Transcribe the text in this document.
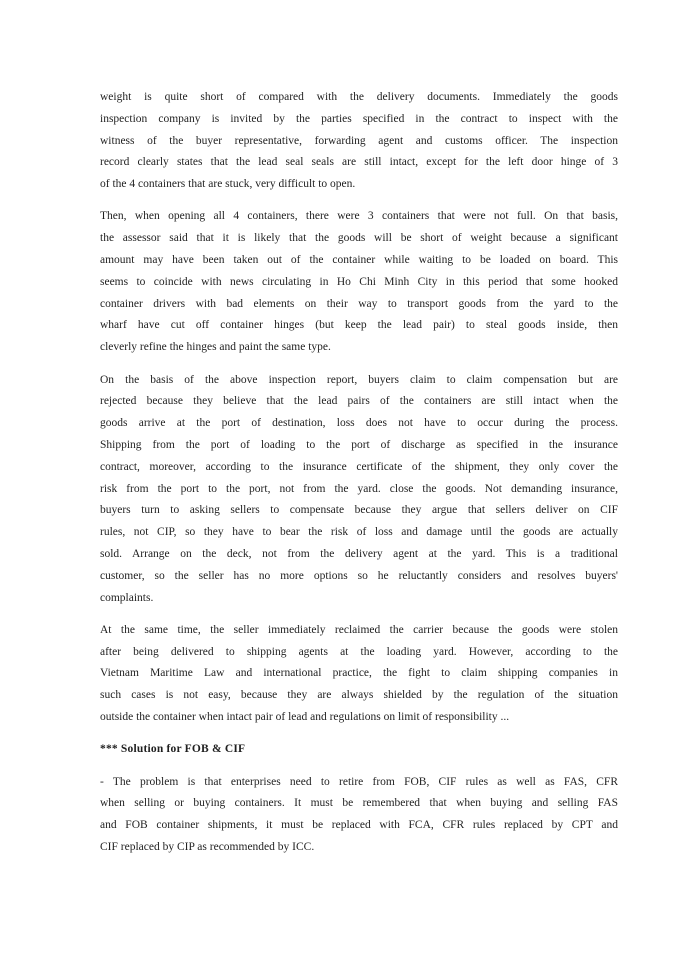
weight is quite short of compared with the delivery documents. Immediately the goods
inspection company is invited by the parties specified in the contract to inspect with the
witness of the buyer representative, forwarding agent and customs officer. The inspection
record clearly states that the lead seal seals are still intact, except for the left door hinge of 3
of the 4 containers that are stuck, very difficult to open.
Then, when opening all 4 containers, there were 3 containers that were not full. On that basis,
the assessor said that it is likely that the goods will be short of weight because a significant
amount may have been taken out of the container while waiting to be loaded on board. This
seems to coincide with news circulating in Ho Chi Minh City in this period that some hooked
container drivers with bad elements on their way to transport goods from the yard to the
wharf have cut off container hinges (but keep the lead pair) to steal goods inside, then
cleverly refine the hinges and paint the same type.
On the basis of the above inspection report, buyers claim to claim compensation but are
rejected because they believe that the lead pairs of the containers are still intact when the
goods arrive at the port of destination, loss does not have to occur during the process.
Shipping from the port of loading to the port of discharge as specified in the insurance
contract, moreover, according to the insurance certificate of the shipment, they only cover the
risk from the port to the port, not from the yard. close the goods. Not demanding insurance,
buyers turn to asking sellers to compensate because they argue that sellers deliver on CIF
rules, not CIP, so they have to bear the risk of loss and damage until the goods are actually
sold. Arrange on the deck, not from the delivery agent at the yard. This is a traditional
customer, so the seller has no more options so he reluctantly considers and resolves buyers'
complaints.
At the same time, the seller immediately reclaimed the carrier because the goods were stolen
after being delivered to shipping agents at the loading yard. However, according to the
Vietnam Maritime Law and international practice, the fight to claim shipping companies in
such cases is not easy, because they are always shielded by the regulation of the situation
outside the container when intact pair of lead and regulations on limit of responsibility ...
*** Solution for FOB & CIF
- The problem is that enterprises need to retire from FOB, CIF rules as well as FAS, CFR
when selling or buying containers. It must be remembered that when buying and selling FAS
and FOB container shipments, it must be replaced with FCA, CFR rules replaced by CPT and
CIF replaced by CIP as recommended by ICC.
